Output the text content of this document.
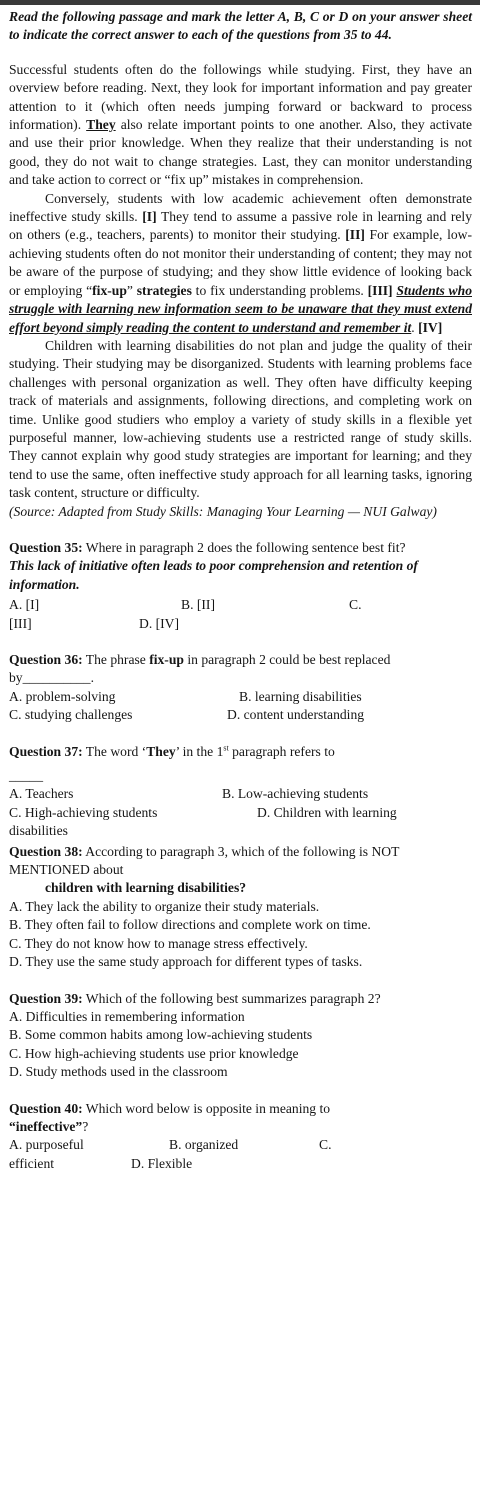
Read the following passage and mark the letter A, B, C or D on your answer sheet to indicate the correct answer to each of the questions from 35 to 44.

Successful students often do the followings while studying. First, they have an overview before reading. Next, they look for important information and pay greater attention to it (which often needs jumping forward or backward to process information). They also relate important points to one another. Also, they activate and use their prior knowledge. When they realize that their understanding is not good, they do not wait to change strategies. Last, they can monitor understanding and take action to correct or “fix up” mistakes in comprehension.

Conversely, students with low academic achievement often demonstrate ineffective study skills. [I] They tend to assume a passive role in learning and rely on others (e.g., teachers, parents) to monitor their studying. [II] For example, low-achieving students often do not monitor their understanding of content; they may not be aware of the purpose of studying; and they show little evidence of looking back or employing “fix-up” strategies to fix understanding problems. [III] Students who struggle with learning new information seem to be unaware that they must extend effort beyond simply reading the content to understand and remember it. [IV]

Children with learning disabilities do not plan and judge the quality of their studying. Their studying may be disorganized. Students with learning problems face challenges with personal organization as well. They often have difficulty keeping track of materials and assignments, following directions, and completing work on time. Unlike good studiers who employ a variety of study skills in a flexible yet purposeful manner, low-achieving students use a restricted range of study skills. They cannot explain why good study strategies are important for learning; and they tend to use the same, often ineffective study approach for all learning tasks, ignoring task content, structure or difficulty.

(Source: Adapted from Study Skills: Managing Your Learning — NUI Galway)

Question 35: Where in paragraph 2 does the following sentence best fit?
This lack of initiative often leads to poor comprehension and retention of information.
A. [I]	B. [II]	C.
[III]	D. [IV]
Question 36: The phrase fix-up in paragraph 2 could be best replaced by__________.
A. problem-solving	B. learning disabilities
C. studying challenges	D. content understanding
Question 37: The word ‘They’ in the 1st paragraph refers to
_____
A. Teachers	B. Low-achieving students
C. High-achieving students	D. Children with learning
disabilities
Question 38: According to paragraph 3, which of the following is NOT MENTIONED about
children with learning disabilities?
A. They lack the ability to organize their study materials.
B. They often fail to follow directions and complete work on time.
C. They do not know how to manage stress effectively.
D. They use the same study approach for different types of tasks.
Question 39: Which of the following best summarizes paragraph 2?
A. Difficulties in remembering information
B. Some common habits among low-achieving students
C. How high-achieving students use prior knowledge
D. Study methods used in the classroom
Question 40: Which word below is opposite in meaning to
“ineffective”?
A. purposeful	B. organized	C.
efficient	D. Flexible
